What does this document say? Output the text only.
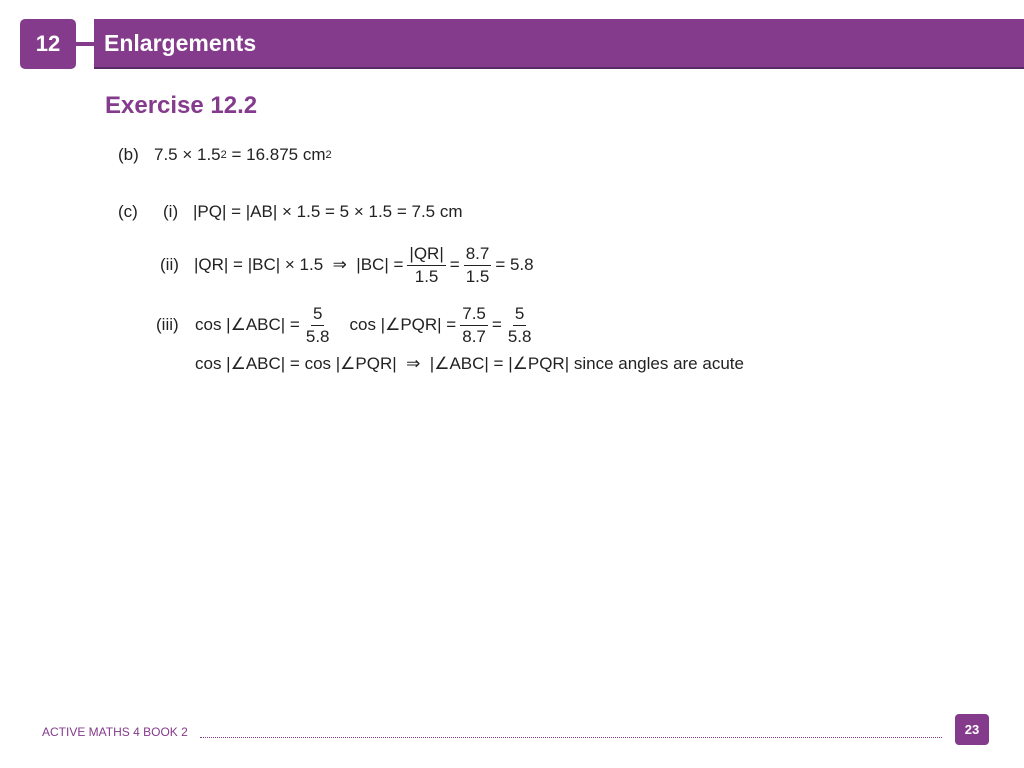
12 Enlargements
Exercise 12.2
(b) 7.5 × 1.5 2 = 16.875 cm 2
(c)	(i) |PQ| = |AB| × 1.5 = 5 × 1.5 = 7.5 cm
(ii) |QR| = |BC| × 1.5  ⇒  $|BC| = \frac{|QR|}{1.5} = \frac{8.7}{1.5} = 5.8$
(iii) cos |∠ABC| = $\frac{5}{5.8}$ cos |∠PQR| = $\frac{7.5}{8.7} = \frac{5}{5.8}$
cos |∠ABC| = cos |∠PQR|  ⇒  |∠ABC| = |∠PQR| since angles are acute
ACTIVE MATHS 4 BOOK 2	23
